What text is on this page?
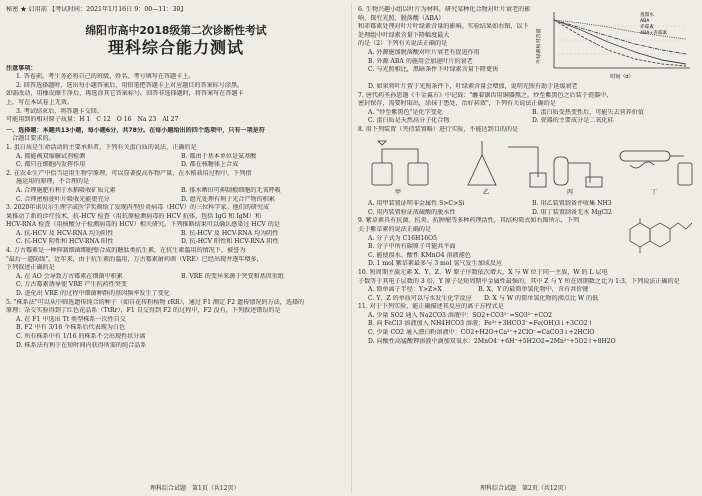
秘密 ★ 启用前 【考试时间：2021年1月16日 9：00—11：30】

绵阳市高中2018级第二次诊断性考试

理科综合能力测试

注意事项：

1. 答卷前，考生务必将自己的班级、姓名、考号填写在答题卡上。

2. 回答选择题时，选出每小题答案后，用铅笔把答题卡上对应题目的答案标号涂黑。

如需改动，用橡皮擦干净后，再选涂其它答案标号。回答非选择题时，将答案写在答题卡

上，写在本试卷上无效。

3. 考试结束后，将答题卡交回。

可能用到的相对原子质量：H 1　C 12　O 16　Na 23　Al 27

一、选择题：本题共13小题，每小题6分，共78分。在每小题给出的四个选项中，只有一项是符

合题目要求的。

1. 蛋白质是生命活动的主要承担者，下列有关蛋白质的说法，正确的是

A. 都能被双缩脲试剂检测	B. 都由于基本单位是氨基酸
C. 都只在细胞内发挥作用	D. 都在核糖体上合成

2. 在农业生产中恰当运用生物学原理，可以显著提高作物产量，在水稻栽培过程中，下列措

施运用的原理，不合理的是

A. 合理施肥有利于水稻吸收矿质元素	B. 排水晒田可抑制根细胞的无氧呼吸
C. 合理密植使叶片吸收光能更充分	D. 遮光处理有利于光合产物的积累

3. 2020年诺贝尔生理学或医学奖颁给了发现丙型肝炎病毒（HCV）的三位科学家。他们的研究成

果推动了新的诊疗技术，抗-HCV 检查（用抗原检测病毒的 HCV 抗体，包括 IgG 和 IgM）和

HCV-RNA 检查（用核酸分子检测病毒的 HCV）相关研究。下列推断结果可以确认感染过 HCV 的是

A. 抗-HCV 及 HCV-RNA 均为阳性	B. 抗-HCV 及 HCV-RNA 均为阴性
C. 抗-HCV 阴性和 HCV-RNA 阳性	D. 抗-HCV 阳性和 HCV-RNA 阴性

4. 万古霉素是一种抑制细菌细胞壁合成的糖肽类抗生素，在抗生素滥用的情况下，被誉为

"最后一道防线"。近年来，由于抗生素的滥用，万古霉素耐药菌（VRE）已经出现并逐年增多，

下列叙述正确的是

A. 在 AO 会导致万古霉素在细菌中积累	B. VRE 的变异来源于突变和基因重组

C. 万古霉素诱导使 VRE 产生抗药性突变

D. 进化出 VRE 的过程中细菌种群的基因频率发生了变化

5. "株系法"可以从中筛选遗传纯合的种子（如自花传粉植物 rRR），通过 F1 测定 F2 遗传情况的方法，选择的

原理：杂交实验得到了红色花品系（TtRr），F1 自交得到 F2 的过程中，F2 没有，下列叙述错误的是

A. 在 F1 中选出 Tt 类型株系一次性自交

B. F2 中有 3/16 个株系后代表现为白色

C. 所有株系中有 1/16 的株系不会出现性状分离

D. 株系法有利于在短时间内获得所需的纯合品系

6. 生物兴趣小组以叶片为材料，研究某种化合物对叶片衰老的影响，探究光照、脱落酸（ABA）

和赤霉素处理对叶片叶绿素含量的影响。实验结果如右图，以下处理组中叶绿素含量下降幅度最大

的是（2）下列有关说法正确的是

A. 外源施加脱落酸对叶片衰老有促进作用

B. 外源 ABA 的施用会加速叶片的衰老

C. 与光照相比，黑暗条件下叶绿素含量下降更快

叶绿素相对含量
时间（d）
蒸馏水
ABA
赤霉素
ABA+赤霉素

D. 如果将叶片置于光照条件下，叶绿素含量会增加，说明光照有助于延缓衰老

7. 唐代药圣孙思邈《千金翼方》中记载："蘸着锯齿用铜器熬之，炒至紫黑色之后装于瓷器中，

密封保存，需要时取出，涂抹于患处，治好甚效"，下列有关说法正确的是

A. "炒至紫黑色"是化学变化	B. 蛋白质受热变性后，可能失去营养价值
C. 蛋白质是天然高分子化合物	D. 瓷器的主要成分是二氧化硅

8. 用下列装置（夹持装置略）进行实验，不能达到目的的是

甲	乙	丙	丁
A. 用甲装置证明非金属性 S>C>Si	B. 用乙装置制备并收集 NH3
C. 用丙装置验证浓硫酸的脱水性	D. 用丁装置制备无水 MgCl2

9. 紫草素具有抗菌、抗炎、抗肿瘤等多种药理活性，其结构简式如右图所示，下列

关于紫草素的说法正确的是

A. 分子式为 C16H16O5

B. 分子中所有碳原子可能共平面

C. 能使溴水、酸性 KMnO4 溶液褪色

D. 1 mol 紫草素最多与 3 mol 氢气发生加成反应

10. 短周期主族元素 X、Y、Z、W 原子序数依次增大，X 与 W 位于同一主族，W 的 L 层电

子数等于其电子层数的 3 倍，Y 原子是短周期中金属性最强的，其中 Z 与 Y 所在周期数之比为 1:3，下列说法正确的是

A. 简单离子半径：Y>Z>X　　　　　　B. X、Y 的最简单氢化物中，含有共价键

C. Y、Z 的单质可以与水发生化学反应　　D. X 与 W 的简单氢化物的沸点比 W 的低

11. 对于下列实验，能正确描述其反应的离子方程式是

A. 少量 SO2 通入 Na2CO3 溶液中：SO2+CO3²⁻=SO3²⁻+CO2

B. 向 FeCl3 溶液加入 NH4HCO3 溶液：Fe³⁺+3HCO3⁻=Fe(OH)3↓+3CO2↑

C. 少量 CO2 通入漂白粉溶液中：CO2+H2O+Ca²⁺+2ClO⁻=CaCO3↓+2HClO

D. 向酸性高锰酸钾溶液中滴加双氧水：2MnO4⁻+6H⁺+5H2O2=2Mn²⁺+5O2↑+8H2O

理科综合试题　第1页（共12页）	理科综合试题　第2页（共12页）
